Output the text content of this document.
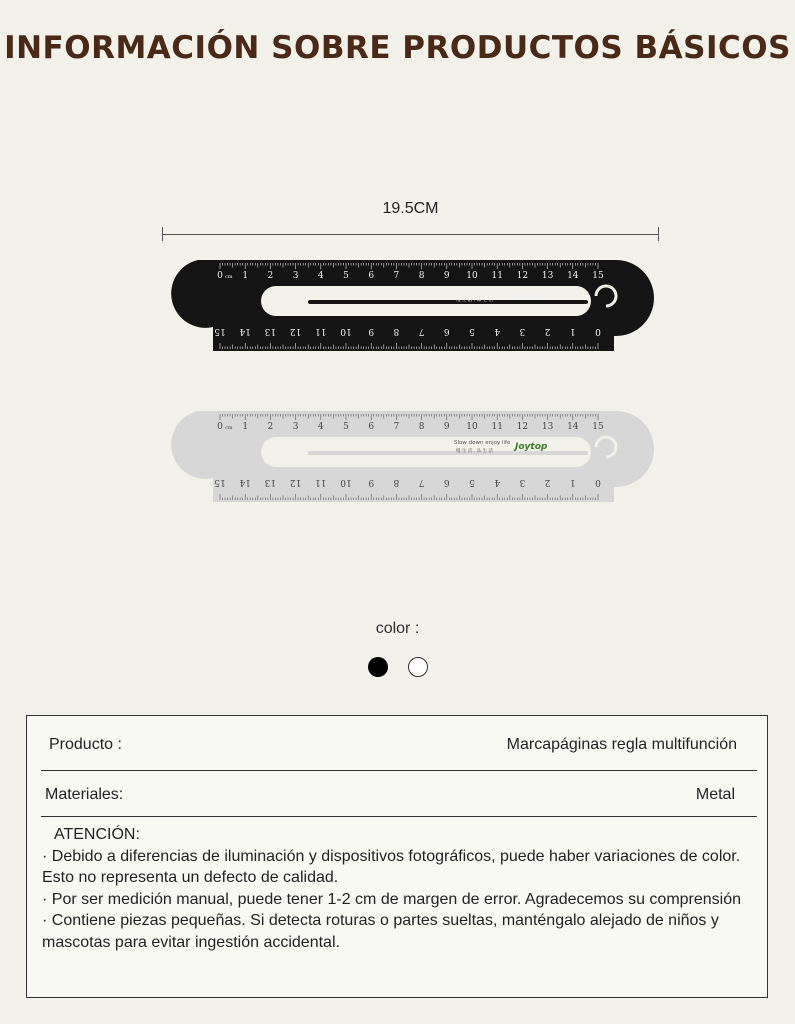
INFORMACIÓN SOBRE PRODUCTOS BÁSICOS
19.5CM
0 1 2 3 4 5 6 7 8 9 10 11 12 13 14 15
cm
0
1
2
3
4
5
6
7
8
9
10
11
12
13
14
15
Slow down enjoy life
慢 生 活 , 品 生 活 Joytop
0 1 2 3 4 5 6 7 8 9 10 11 12 13 14 15
cm
0
1
2
3
4
5
6
7
8
9
10
11
12
13
14
15
Slow down enjoy life
慢 生 活 , 品 生 活 Joytop
color :
Producto :	Marcapáginas regla multifunción
Materiales:	Metal

ATENCIÓN:

· Debido a diferencias de iluminación y dispositivos fotográficos, puede haber variaciones de color. Esto no representa un defecto de calidad.

· Por ser medición manual, puede tener 1-2 cm de margen de error. Agradecemos su comprensión

· Contiene piezas pequeñas. Si detecta roturas o partes sueltas, manténgalo alejado de niños y mascotas para evitar ingestión accidental.
